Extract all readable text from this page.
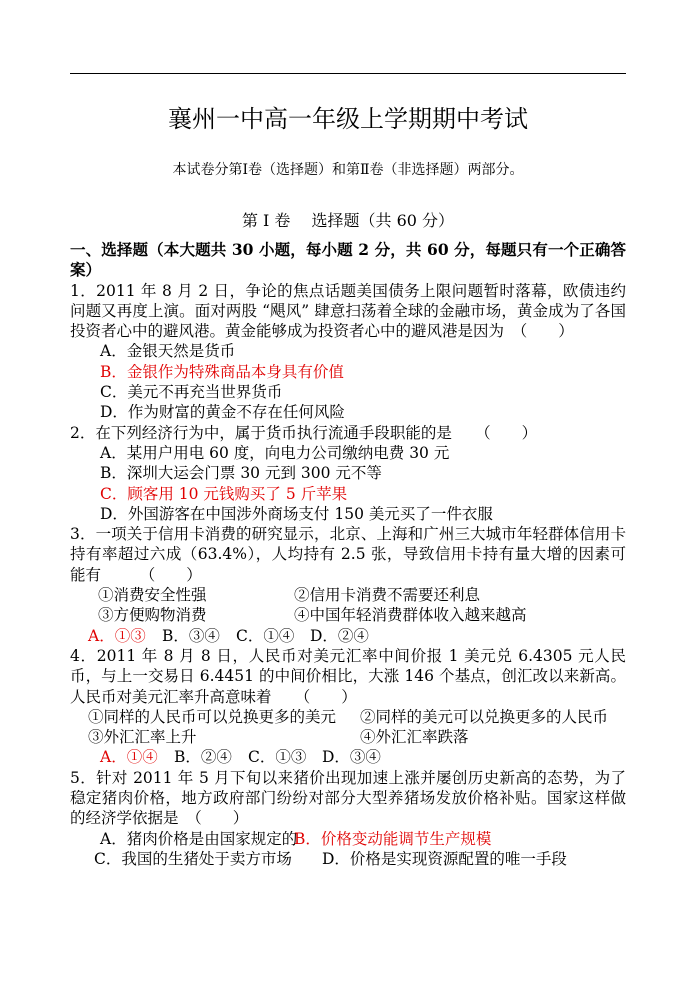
襄州一中高一年级上学期期中考试
本试卷分第Ⅰ卷（选择题）和第Ⅱ卷（非选择题）两部分。
第 Ⅰ 卷　 选择题（共 60 分）
一、选择题（本大题共 30 小题，每小题 2 分，共 60 分，每题只有一个正确答案）
1．2011 年 8 月 2 日，争论的焦点话题美国债务上限问题暂时落幕，欧债违约问题又再度上演。面对两股 “飓风” 肆意扫荡着全球的金融市场，黄金成为了各国投资者心中的避风港。黄金能够成为投资者心中的避风港是因为　（　　）
A．金银天然是货币
B．金银作为特殊商品本身具有价值
C．美元不再充当世界货币
D．作为财富的黄金不存在任何风险
2．在下列经济行为中，属于货币执行流通手段职能的是　　（　　）
A．某用户用电 60 度，向电力公司缴纳电费 30 元
B．深圳大运会门票 30 元到 300 元不等
C．顾客用 10 元钱购买了 5 斤苹果
D．外国游客在中国涉外商场支付 150 美元买了一件衣服
3．一项关于信用卡消费的研究显示，北京、上海和广州三大城市年轻群体信用卡持有率超过六成（63.4%），人均持有 2.5 张，导致信用卡持有量大增的因素可能有　　　（　　）
①消费安全性强	②信用卡消费不需要还利息
③方便购物消费	④中国年轻消费群体收入越来越高
A．①③	B．③④	C．①④	D．②④
4．2011 年 8 月 8 日，人民币对美元汇率中间价报 1 美元兑 6.4305 元人民币，与上一交易日 6.4451 的中间价相比，大涨 146 个基点，创汇改以来新高。人民币对美元汇率升高意味着　　（　　）
①同样的人民币可以兑换更多的美元	②同样的美元可以兑换更多的人民币
③外汇汇率上升	④外汇汇率跌落
A．①④	B．②④	C．①③	D．③④
5．针对 2011 年 5 月下旬以来猪价出现加速上涨并屡创历史新高的态势，为了稳定猪肉价格，地方政府部门纷纷对部分大型养猪场发放价格补贴。国家这样做的经济学依据是　（　　）
A．猪肉价格是由国家规定的
B．价格变动能调节生产规模
C．我国的生猪处于卖方市场	D．价格是实现资源配置的唯一手段
